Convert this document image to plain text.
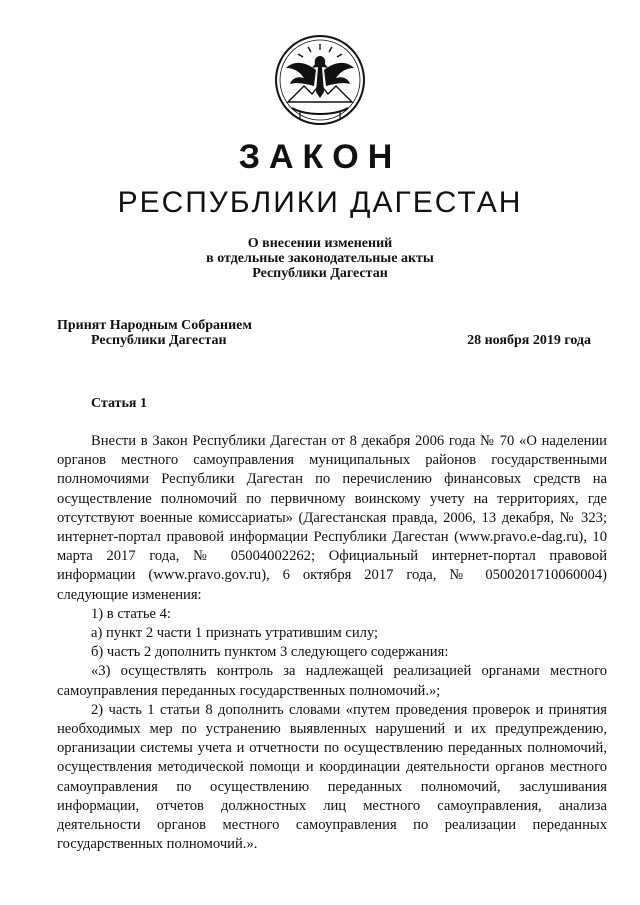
ЗАКОН
РЕСПУБЛИКИ ДАГЕСТАН
О внесении изменений
в отдельные законодательные акты
Республики Дагестан
Принят Народным Собранием
Республики Дагестан	28 ноября 2019 года
Статья 1

Внести в Закон Республики Дагестан от 8 декабря 2006 года № 70 «О наделении органов местного самоуправления муниципальных районов государственными полномочиями Республики Дагестан по перечислению финансовых средств на осуществление полномочий по первичному воинскому учету на территориях, где отсутствуют военные комиссариаты» (Дагестанская правда, 2006, 13 декабря, № 323; интернет-портал правовой информации Республики Дагестан (www.pravo.e-dag.ru), 10 марта 2017 года, № 05004002262; Официальный интернет-портал правовой информации (www.pravo.gov.ru), 6 октября 2017 года, № 0500201710060004) следующие изменения:

1) в статье 4:

а) пункт 2 части 1 признать утратившим силу;

б) часть 2 дополнить пунктом 3 следующего содержания:

«3) осуществлять контроль за надлежащей реализацией органами местного самоуправления переданных государственных полномочий.»;

2) часть 1 статьи 8 дополнить словами «путем проведения проверок и принятия необходимых мер по устранению выявленных нарушений и их предупреждению, организации системы учета и отчетности по осуществлению переданных полномочий, осуществления методической помощи и координации деятельности органов местного самоуправления по осуществлению переданных полномочий, заслушивания информации, отчетов должностных лиц местного самоуправления, анализа деятельности органов местного самоуправления по реализации переданных государственных полномочий.».
